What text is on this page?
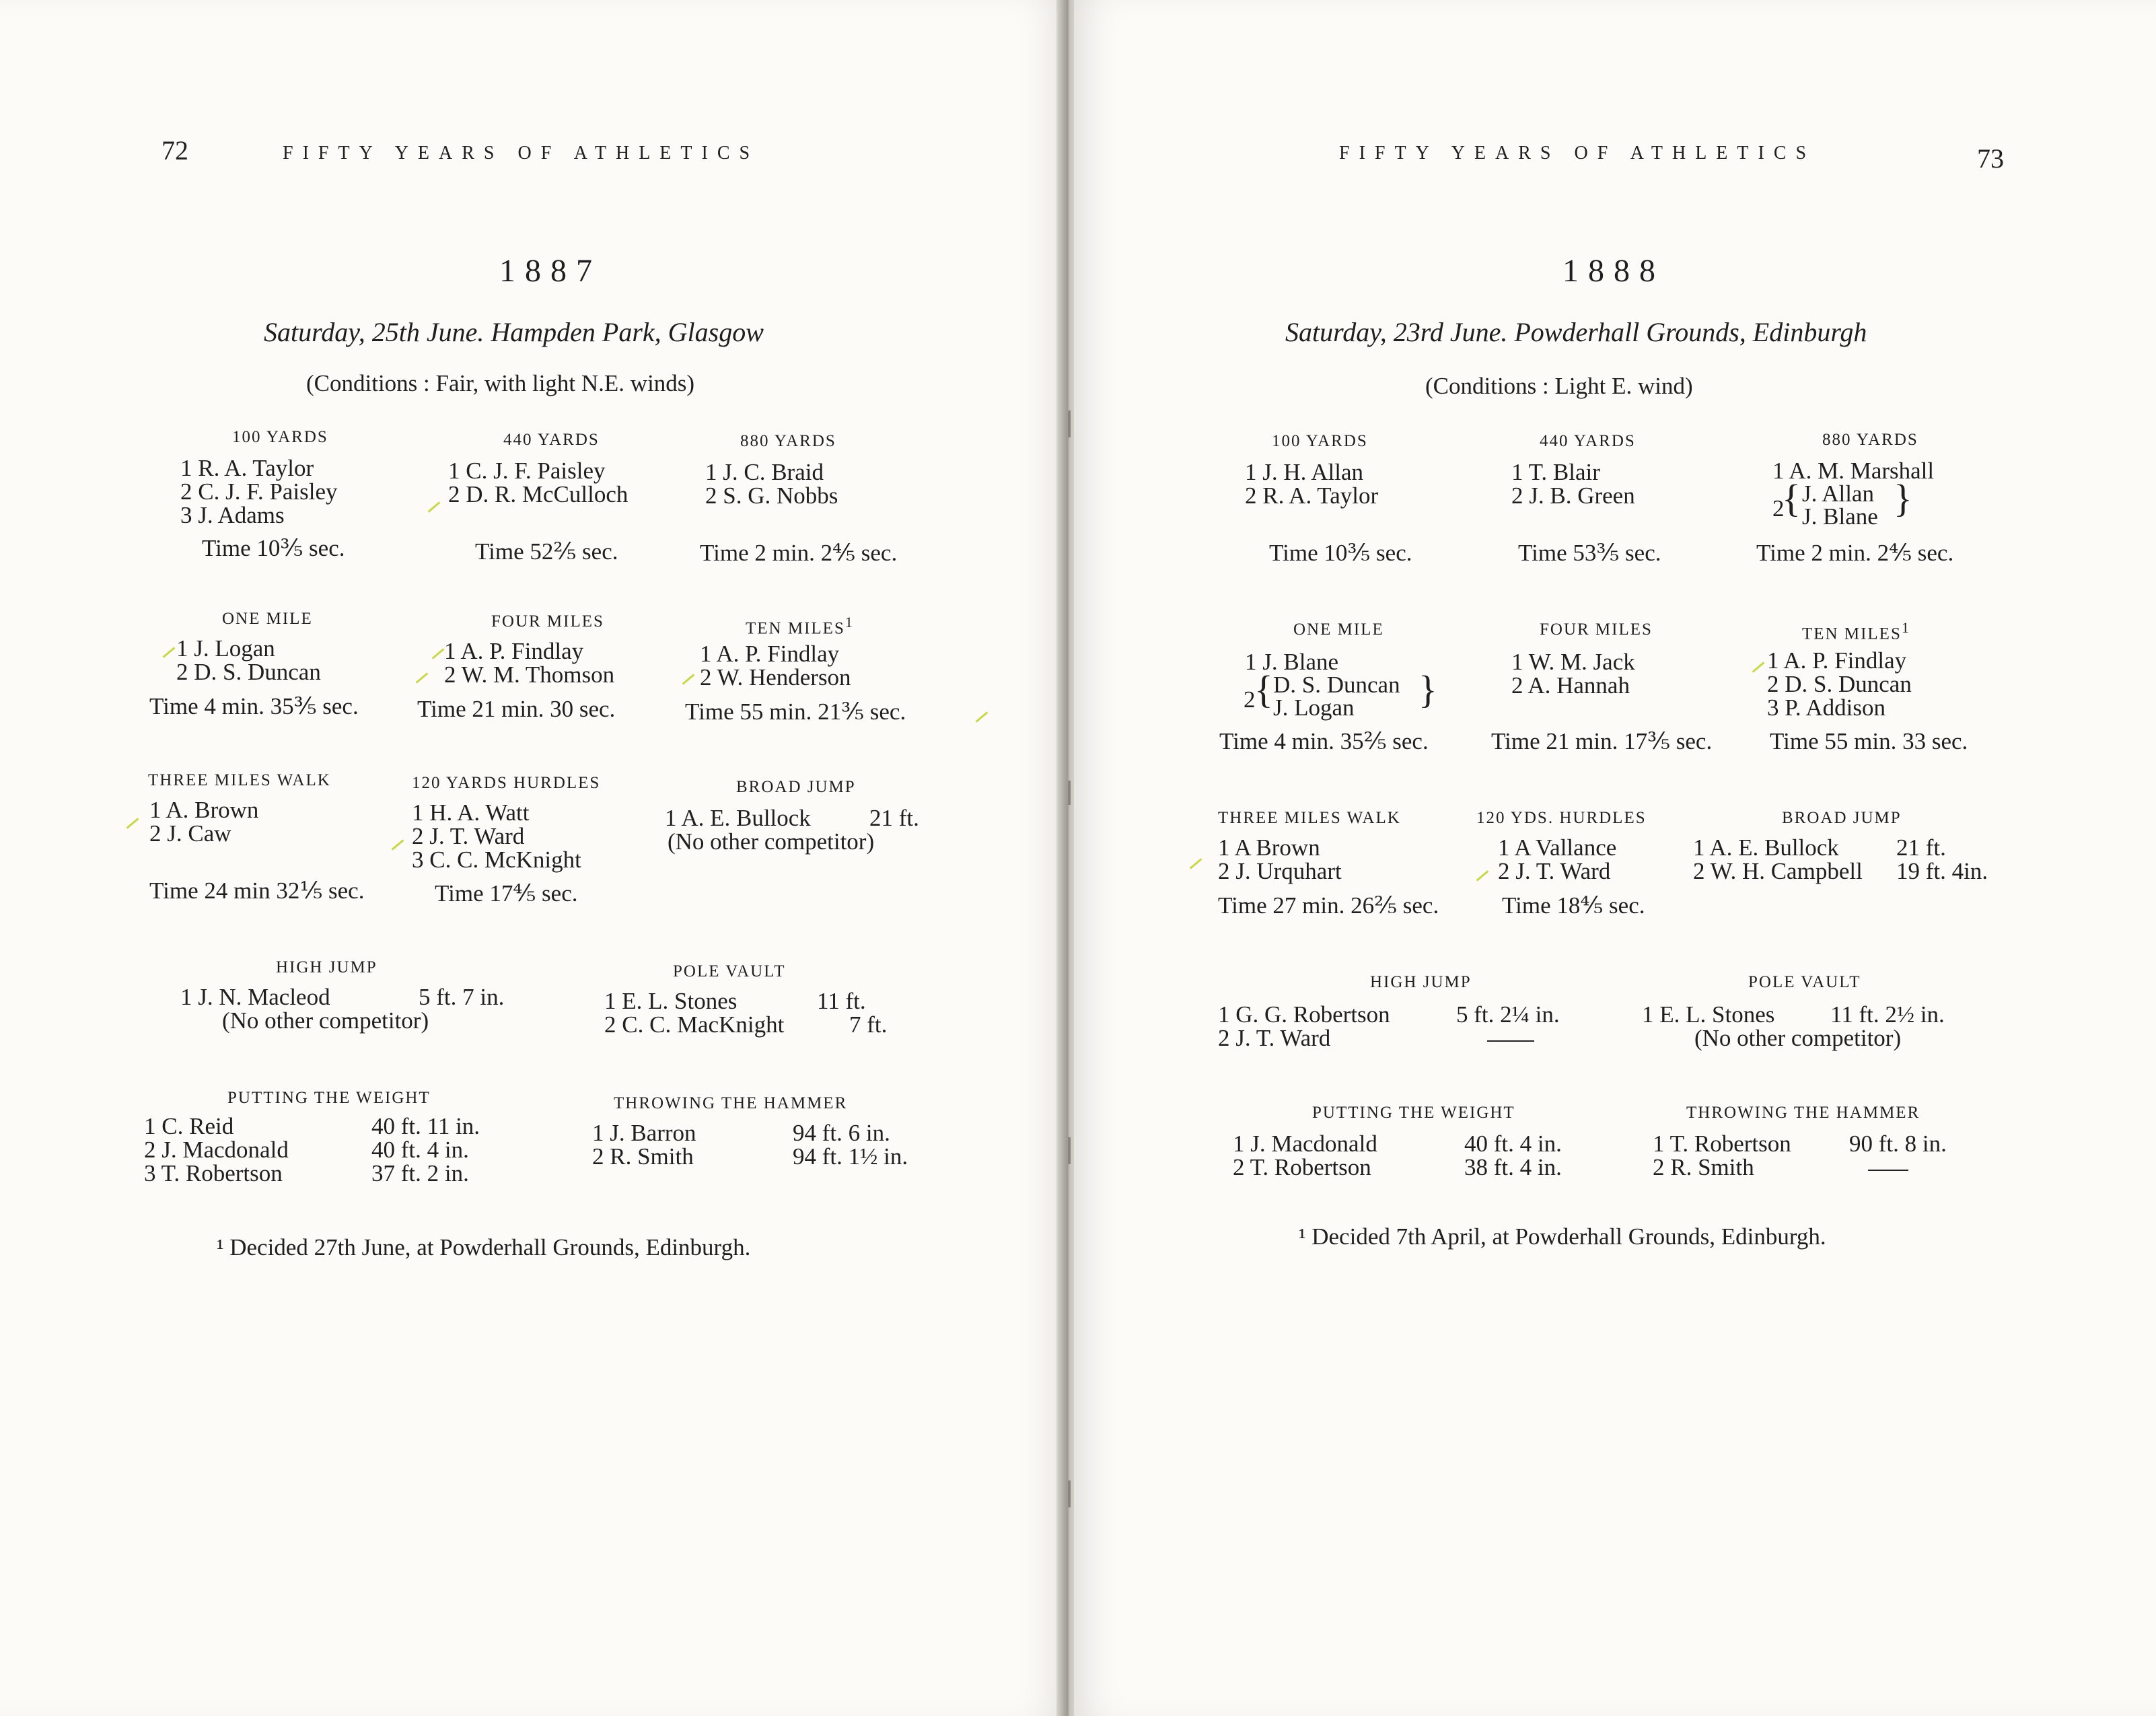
72	FIFTY YEARS OF ATHLETICS
1887
Saturday, 25th June. Hampden Park, Glasgow
(Conditions : Fair, with light N.E. winds)
100 YARDS
1 R. A. Taylor
2 C. J. F. Paisley
3 J. Adams
Time 10⅗ sec.
440 YARDS
1 C. J. F. Paisley
2 D. R. McCulloch
Time 52⅖ sec.
880 YARDS
1 J. C. Braid
2 S. G. Nobbs
Time 2 min. 2⅘ sec.
ONE MILE
1 J. Logan
2 D. S. Duncan
Time 4 min. 35⅗ sec.
FOUR MILES
1 A. P. Findlay
2 W. M. Thomson
Time 21 min. 30 sec.
TEN MILES$^1$
1 A. P. Findlay
2 W. Henderson
Time 55 min. 21⅗ sec.
THREE MILES WALK
1 A. Brown
2 J. Caw
Time 24 min 32⅕ sec.
120 YARDS HURDLES
1 H. A. Watt
2 J. T. Ward
3 C. C. McKnight
Time 17⅘ sec.
BROAD JUMP
1 A. E. Bullock 21 ft.
(No other competitor)
HIGH JUMP
1 J. N. Macleod	5 ft. 7 in.
(No other competitor)
POLE VAULT
1 E. L. Stones	11 ft.
2 C. C. MacKnight	7 ft.
PUTTING THE WEIGHT
1 C. Reid	40 ft. 11 in.
2 J. Macdonald	40 ft. 4 in.
3 T. Robertson	37 ft. 2 in.
THROWING THE HAMMER
1 J. Barron	94 ft. 6 in.
2 R. Smith	94 ft. 1½ in.
¹ Decided 27th June, at Powderhall Grounds, Edinburgh.
FIFTY YEARS OF ATHLETICS	73
1888
Saturday, 23rd June. Powderhall Grounds, Edinburgh
(Conditions : Light E. wind)
100 YARDS
1 J. H. Allan
2 R. A. Taylor
Time 10⅗ sec.
440 YARDS
1 T. Blair
2 J. B. Green
Time 53⅗ sec.
880 YARDS
1 A. M. Marshall
2
{ J. Allan
J. Blane }
Time 2 min. 2⅘ sec.
ONE MILE
1 J. Blane
2
{ D. S. Duncan
J. Logan }
Time 4 min. 35⅖ sec.
FOUR MILES
1 W. M. Jack
2 A. Hannah
Time 21 min. 17⅗ sec.
TEN MILES$^1$
1 A. P. Findlay
2 D. S. Duncan
3 P. Addison
Time 55 min. 33 sec.
THREE MILES WALK
1 A Brown
2 J. Urquhart
Time 27 min. 26⅖ sec.
120 YDS. HURDLES
1 A Vallance
2 J. T. Ward
Time 18⅘ sec.
BROAD JUMP
1 A. E. Bullock 21 ft.
2 W. H. Campbell 19 ft. 4in.
HIGH JUMP
1 G. G. Robertson	5 ft. 2¼ in.
2 J. T. Ward
POLE VAULT
1 E. L. Stones 11 ft. 2½ in.
(No other competitor)
PUTTING THE WEIGHT
1 J. Macdonald	40 ft. 4 in.
2 T. Robertson	38 ft. 4 in.
THROWING THE HAMMER
1 T. Robertson 90 ft. 8 in.
2 R. Smith
¹ Decided 7th April, at Powderhall Grounds, Edinburgh.
